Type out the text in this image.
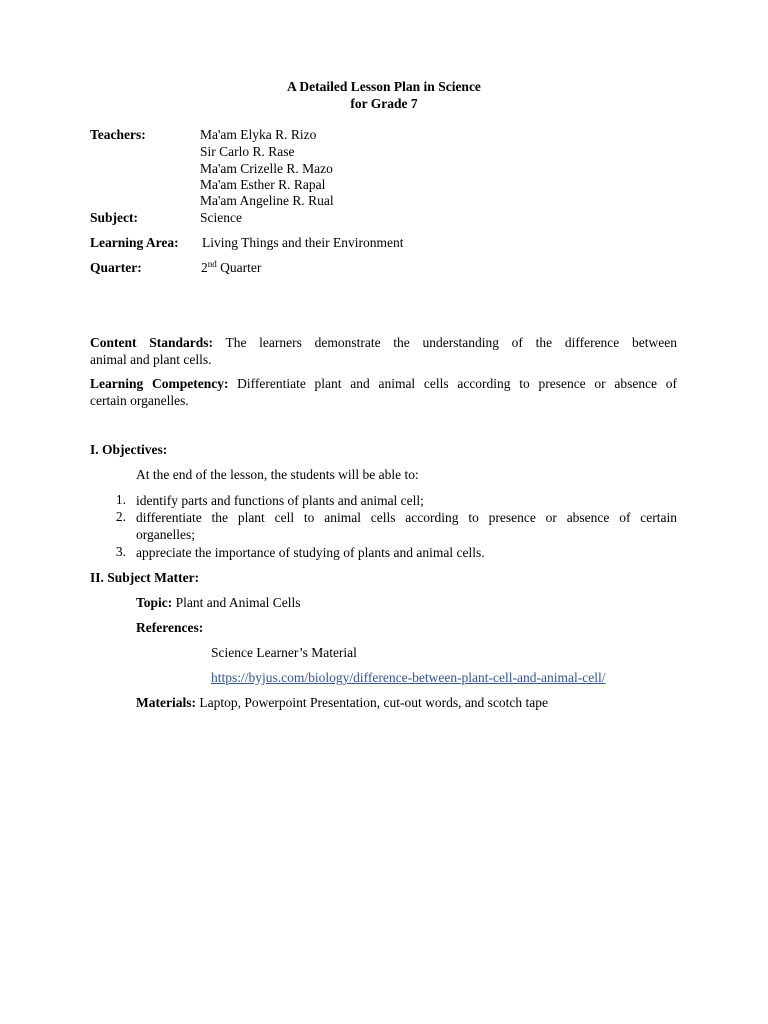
A Detailed Lesson Plan in Science
for Grade 7
Teachers:	Ma'am Elyka R. Rizo
Sir Carlo R. Rase
Ma'am Crizelle R. Mazo
Ma'am Esther R. Rapal
Ma'am Angeline R. Rual
Subject:	Science
Learning Area: Living Things and their Environment
Quarter:	2nd Quarter
Content Standards: The learners demonstrate the understanding of the difference between
animal and plant cells.
Learning Competency: Differentiate plant and animal cells according to presence or absence of
certain organelles.
I. Objectives:
At the end of the lesson, the students will be able to:
1. identify parts and functions of plants and animal cell;
2. differentiate the plant cell to animal cells according to presence or absence of certain
organelles;
3. appreciate the importance of studying of plants and animal cells.
II. Subject Matter:
Topic: Plant and Animal Cells
References:
Science Learner’s Material
https://byjus.com/biology/difference-between-plant-cell-and-animal-cell/
Materials: Laptop, Powerpoint Presentation, cut-out words, and scotch tape
